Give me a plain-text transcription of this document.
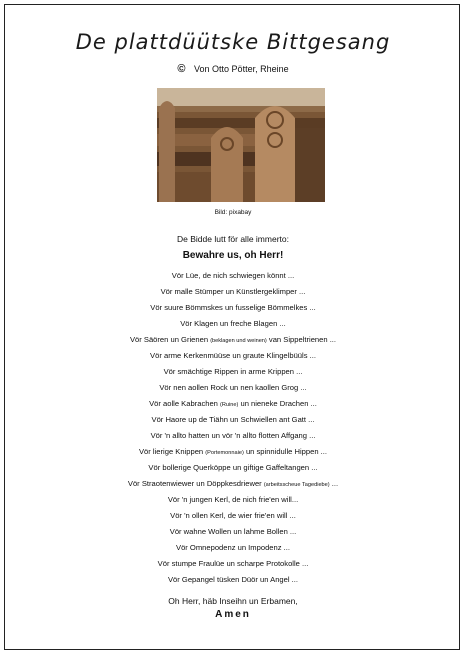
De plattdüütske Bittgesang
© Von Otto Pötter, Rheine
Bild: pixabay
De Bidde lutt för alle immerto:
Bewahre us, oh Herr!
Vör Lüe, de nich schwiegen könnt ...
Vör malle Stümper un Künstlergeklimper ...
Vör suure Bömmskes un fusselige Bömmelkes ...
Vör Klagen un freche Blagen ...
Vör Säören un Grienen (beklagen und weinen) van Sippeltrienen ...
Vör arme Kerkenmüüse un graute Klingelbüüls ...
Vör smächtige Rippen in arme Krippen ...
Vör nen aollen Rock un nen kaollen Grog ...
Vör aolle Kabrachen (Ruine) un nieneke Drachen ...
Vör Haore up de Tiähn un Schwiellen ant Gatt ...
Vör 'n allto hatten un vör 'n allto flotten Affgang ...
Vör lierige Knippen (Portemonnaie) un spinnidulle Hippen ...
Vör bollerige Querköppe un giftige Gaffeltangen ...
Vör Straotenwiewer un Döppkesdriewer (arbeitsscheue Tagediebe) ...
Vör 'n jungen Kerl, de nich frie'en will...
Vör 'n ollen Kerl, de wier frie'en will ...
Vör wahne Wollen un lahme Bollen ...
Vör Omnepodenz un Impodenz ...
Vör stumpe Fraulüe un scharpe Protokolle ...
Vör Gepangel tüsken Düör un Angel ...
Oh Herr, häb Inseihn un Erbamen,
Amen
